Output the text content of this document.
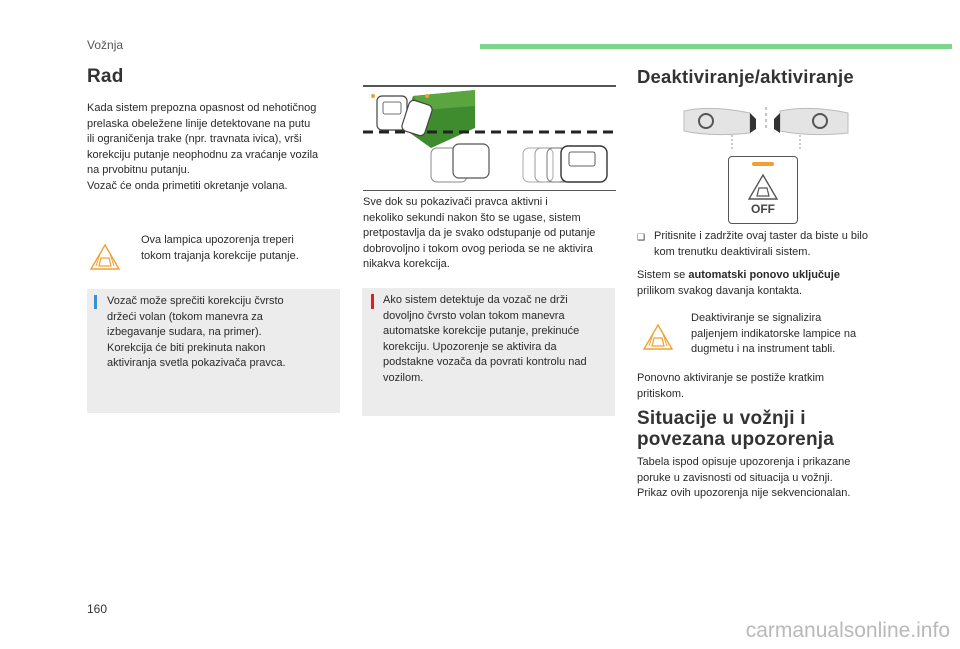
Vožnja
Rad
Kada sistem prepozna opasnost od nehotičnog
prelaska obeležene linije detektovane na putu
ili ograničenja trake (npr. travnata ivica), vrši
korekciju putanje neophodnu za vraćanje vozila
na prvobitnu putanju.
Vozač će onda primetiti okretanje volana.
Ova lampica upozorenja treperi
tokom trajanja korekcije putanje.
Vozač može sprečiti korekciju čvrsto
držeći volan (tokom manevra za
izbegavanje sudara, na primer).
Korekcija će biti prekinuta nakon
aktiviranja svetla pokazivača pravca.
Sve dok su pokazivači pravca aktivni i
nekoliko sekundi nakon što se ugase, sistem
pretpostavlja da je svako odstupanje od putanje
dobrovoljno i tokom ovog perioda se ne aktivira
nikakva korekcija.
Ako sistem detektuje da vozač ne drži
dovoljno čvrsto volan tokom manevra
automatske korekcije putanje, prekinuće
korekciju. Upozorenje se aktivira da
podstakne vozača da povrati kontrolu nad
vozilom.
Deaktiviranje/aktiviranje
OFF
❑ Pritisnite i zadržite ovaj taster da biste u bilo
kom trenutku deaktivirali sistem.
Sistem se automatski ponovo uključuje
prilikom svakog davanja kontakta.
Deaktiviranje se signalizira
paljenjem indikatorske lampice na
dugmetu i na instrument tabli.
Ponovno aktiviranje se postiže kratkim
pritiskom.
Situacije u vožnji i
povezana upozorenja
Tabela ispod opisuje upozorenja i prikazane
poruke u zavisnosti od situacija u vožnji.
Prikaz ovih upozorenja nije sekvencionalan.
160
carmanualsonline.info
